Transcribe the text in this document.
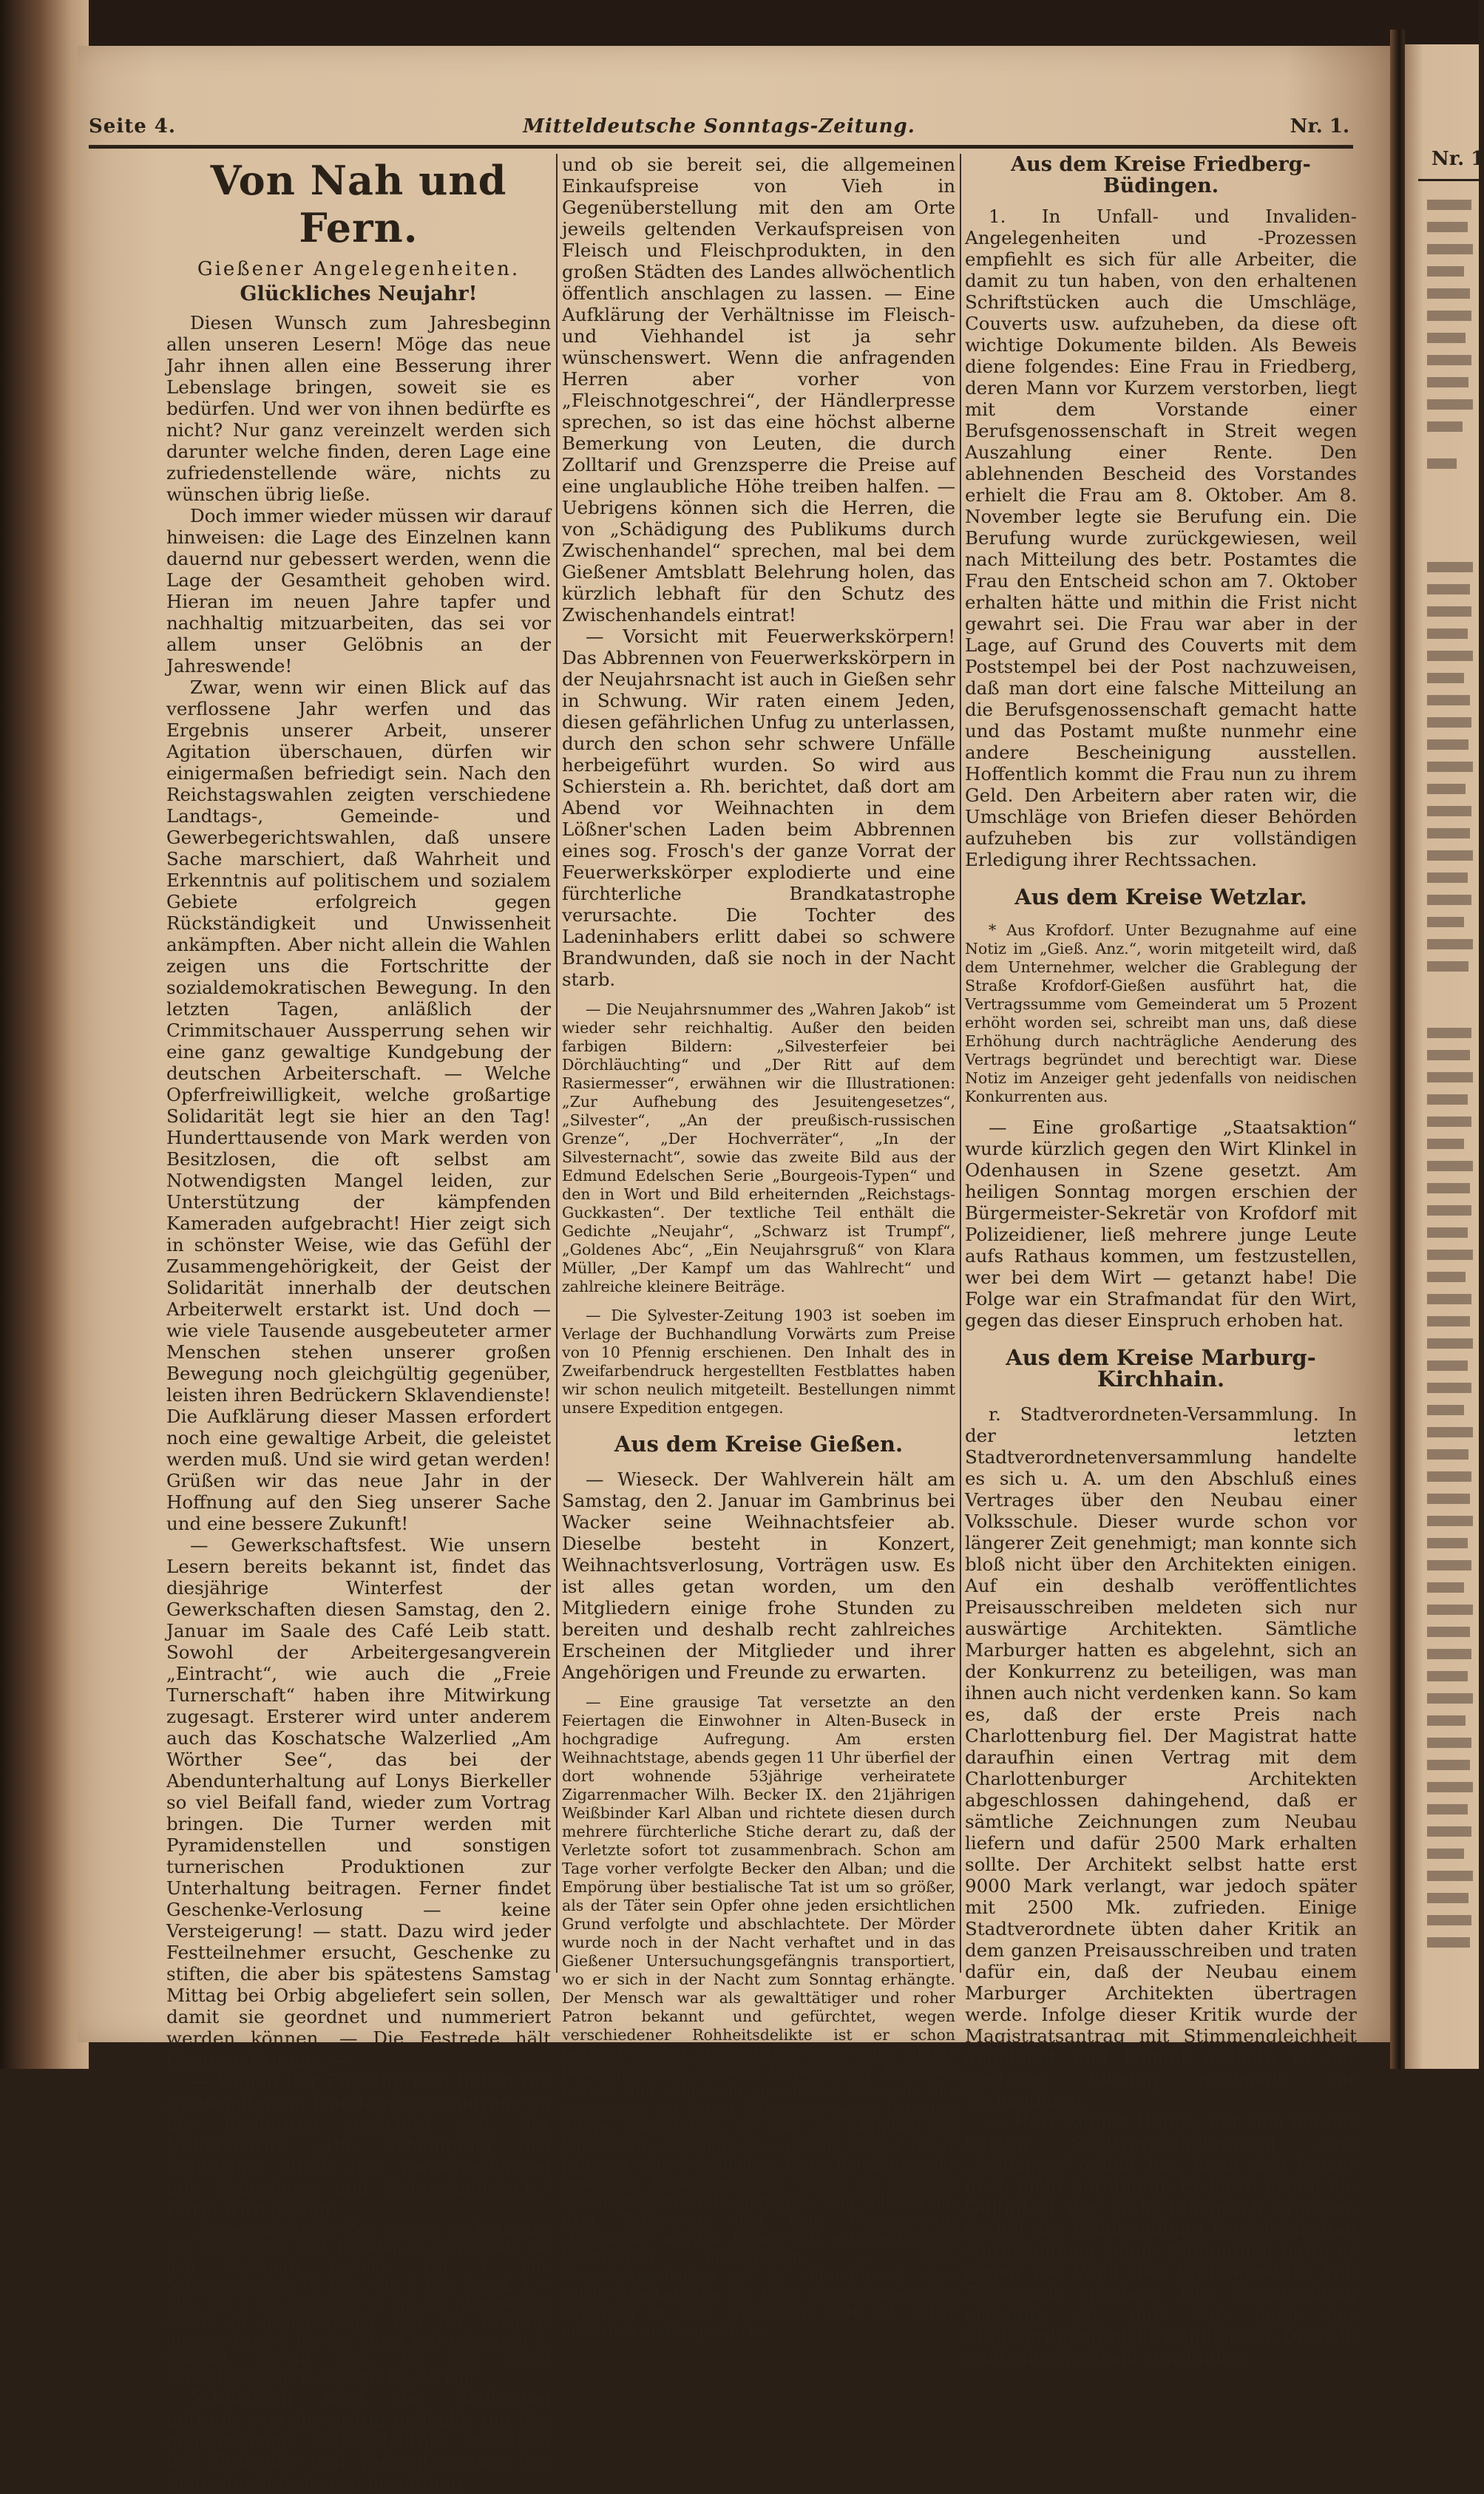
Nr. 1
Seite 4.	Mitteldeutsche Sonntags-Zeitung.	Nr. 1.
Von Nah und Fern.
Gießener Angelegenheiten.
Glückliches Neujahr!

Diesen Wunsch zum Jahresbeginn allen unseren Lesern! Möge das neue Jahr ihnen allen eine Besserung ihrer Lebenslage bringen, soweit sie es bedürfen. Und wer von ihnen bedürfte es nicht? Nur ganz vereinzelt werden sich darunter welche finden, deren Lage eine zufriedenstellende wäre, nichts zu wünschen übrig ließe.

Doch immer wieder müssen wir darauf hinweisen: die Lage des Einzelnen kann dauernd nur gebessert werden, wenn die Lage der Gesamtheit gehoben wird. Hieran im neuen Jahre tapfer und nachhaltig mitzuarbeiten, das sei vor allem unser Gelöbnis an der Jahreswende!

Zwar, wenn wir einen Blick auf das verflossene Jahr werfen und das Ergebnis unserer Arbeit, unserer Agitation überschauen, dürfen wir einigermaßen befriedigt sein. Nach den Reichstagswahlen zeigten verschiedene Landtags-, Gemeinde- und Gewerbegerichtswahlen, daß unsere Sache marschiert, daß Wahrheit und Erkenntnis auf politischem und sozialem Gebiete erfolgreich gegen Rückständigkeit und Unwissenheit ankämpften. Aber nicht allein die Wahlen zeigen uns die Fortschritte der sozialdemokratischen Bewegung. In den letzten Tagen, anläßlich der Crimmitschauer Aussperrung sehen wir eine ganz gewaltige Kundgebung der deutschen Arbeiterschaft. — Welche Opferfreiwilligkeit, welche großartige Solidarität legt sie hier an den Tag! Hunderttausende von Mark werden von Besitzlosen, die oft selbst am Notwendigsten Mangel leiden, zur Unterstützung der kämpfenden Kameraden aufgebracht! Hier zeigt sich in schönster Weise, wie das Gefühl der Zusammengehörigkeit, der Geist der Solidarität innerhalb der deutschen Arbeiterwelt erstarkt ist. Und doch — wie viele Tausende ausgebeuteter armer Menschen stehen unserer großen Bewegung noch gleichgültig gegenüber, leisten ihren Bedrückern Sklavendienste! Die Aufklärung dieser Massen erfordert noch eine gewaltige Arbeit, die geleistet werden muß. Und sie wird getan werden! Grüßen wir das neue Jahr in der Hoffnung auf den Sieg unserer Sache und eine bessere Zukunft!

— Gewerkschaftsfest. Wie unsern Lesern bereits bekannt ist, findet das diesjährige Winterfest der Gewerkschaften diesen Samstag, den 2. Januar im Saale des Café Leib statt. Sowohl der Arbeitergesangverein „Eintracht“, wie auch die „Freie Turnerschaft“ haben ihre Mitwirkung zugesagt. Ersterer wird unter anderem auch das Koschatsche Walzerlied „Am Wörther See“, das bei der Abendunterhaltung auf Lonys Bierkeller so viel Beifall fand, wieder zum Vortrag bringen. Die Turner werden mit Pyramidenstellen und sonstigen turnerischen Produktionen zur Unterhaltung beitragen. Ferner findet Geschenke-Verlosung — keine Versteigerung! — statt. Dazu wird jeder Festteilnehmer ersucht, Geschenke zu stiften, die aber bis spätestens Samstag Mittag bei Orbig abgeliefert sein sollen, damit sie geordnet und nummeriert werden können. — Die Festrede hält Genosse Krumm. —

— Wegen der Fleischpreise haben die Antisemiten im Landtage eine Anfrage an die Regierung gerichtet mit der Ueberschrift: „Die Schädigung des Publikums durch den Zwischenhandel mit Schweinen und Schweinefleisch.“ Darin wird gesagt:

„Zu gegenwärtiger Zeit werden nach Angabe von Gastwirten und Privaten in Darmstadt bei den Metzgern bezahlt: Für 1 Pfd. Schweinefleisch 76 Pfg., für 1 Pfd. Speck 1.— Mk., für 1 Pfd. Schmalz 70 Pfg. Im Allgemeinen erhält zu gegenwärtiger Zeit der Landwirt unseres Landes für das Pfund Lebendgewicht 1. Qualität 38—40 Pfg., für das Pfund Schlachtgewicht 1. Qualität 45—50 Pfg.“

Schließlich wird die Regierung gefragt, was sie zu tun gedenkt, um das gegenwärtige Mißverhältnis zwischen den Einkaufs- und Verkaufspreisen des Schweinefleisches zu beseitigen

und ob sie bereit sei, die allgemeinen Einkaufspreise von Vieh in Gegenüberstellung mit den am Orte jeweils geltenden Verkaufspreisen von Fleisch und Fleischprodukten, in den großen Städten des Landes allwöchentlich öffentlich anschlagen zu lassen. — Eine Aufklärung der Verhältnisse im Fleisch- und Viehhandel ist ja sehr wünschenswert. Wenn die anfragenden Herren aber vorher von „Fleischnotgeschrei“, der Händlerpresse sprechen, so ist das eine höchst alberne Bemerkung von Leuten, die durch Zolltarif und Grenzsperre die Preise auf eine unglaubliche Höhe treiben halfen. — Uebrigens können sich die Herren, die von „Schädigung des Publikums durch Zwischenhandel“ sprechen, mal bei dem Gießener Amtsblatt Belehrung holen, das kürzlich lebhaft für den Schutz des Zwischenhandels eintrat!

— Vorsicht mit Feuerwerkskörpern! Das Abbrennen von Feuerwerkskörpern in der Neujahrsnacht ist auch in Gießen sehr in Schwung. Wir raten einem Jeden, diesen gefährlichen Unfug zu unterlassen, durch den schon sehr schwere Unfälle herbeigeführt wurden. So wird aus Schierstein a. Rh. berichtet, daß dort am Abend vor Weihnachten in dem Lößner'schen Laden beim Abbrennen eines sog. Frosch's der ganze Vorrat der Feuerwerkskörper explodierte und eine fürchterliche Brandkatastrophe verursachte. Die Tochter des Ladeninhabers erlitt dabei so schwere Brandwunden, daß sie noch in der Nacht starb.

— Die Neujahrsnummer des „Wahren Jakob“ ist wieder sehr reichhaltig. Außer den beiden farbigen Bildern: „Silvesterfeier bei Dörchläuchting“ und „Der Ritt auf dem Rasiermesser“, erwähnen wir die Illustrationen: „Zur Aufhebung des Jesuitengesetzes“, „Silvester“, „An der preußisch-russischen Grenze“, „Der Hochverräter“, „In der Silvesternacht“, sowie das zweite Bild aus der Edmund Edelschen Serie „Bourgeois-Typen“ und den in Wort und Bild erheiternden „Reichstags-Guckkasten“. Der textliche Teil enthält die Gedichte „Neujahr“, „Schwarz ist Trumpf“, „Goldenes Abc“, „Ein Neujahrsgruß“ von Klara Müller, „Der Kampf um das Wahlrecht“ und zahlreiche kleinere Beiträge.

— Die Sylvester-Zeitung 1903 ist soeben im Verlage der Buchhandlung Vorwärts zum Preise von 10 Pfennig erschienen. Den Inhalt des in Zweifarbendruck hergestellten Festblattes haben wir schon neulich mitgeteilt. Bestellungen nimmt unsere Expedition entgegen.

Aus dem Kreise Gießen.

— Wieseck. Der Wahlverein hält am Samstag, den 2. Januar im Gambrinus bei Wacker seine Weihnachtsfeier ab. Dieselbe besteht in Konzert, Weihnachtsverlosung, Vorträgen usw. Es ist alles getan worden, um den Mitgliedern einige frohe Stunden zu bereiten und deshalb recht zahlreiches Erscheinen der Mitglieder und ihrer Angehörigen und Freunde zu erwarten.

— Eine grausige Tat versetzte an den Feiertagen die Einwohner in Alten-Buseck in hochgradige Aufregung. Am ersten Weihnachtstage, abends gegen 11 Uhr überfiel der dort wohnende 53jährige verheiratete Zigarrenmacher Wilh. Becker IX. den 21jährigen Weißbinder Karl Alban und richtete diesen durch mehrere fürchterliche Stiche derart zu, daß der Verletzte sofort tot zusammenbrach. Schon am Tage vorher verfolgte Becker den Alban; und die Empörung über bestialische Tat ist um so größer, als der Täter sein Opfer ohne jeden ersichtlichen Grund verfolgte und abschlachtete. Der Mörder wurde noch in der Nacht verhaftet und in das Gießener Untersuchungsgefängnis transportiert, wo er sich in der Nacht zum Sonntag erhängte. Der Mensch war als gewalttätiger und roher Patron bekannt und gefürchtet, wegen verschiedener Rohheitsdelikte ist er schon bestraft worden, einmal hat er sogar seine Mutter lebensgefährlich verletzt. Dagegen war Alban ein braver und allgemein geachteter Mensch, der zusammen mit seiner Schwester seine betagten Eltern unterstützte. Er war als Mitglied des Volksvereins Parteigenosse und als solcher tat er jederzeit seine Schuldigkeit. Unter Beteiligung der gesamten Einwohnerschaft wurde er Sonntag Nachmittag zu Grabe getragen; vom Volksverein, dem Turnverein und dem Gesangverein „Germania“ wurden Kränze mit entsprechenden Widmungen niedergelegt. — Seit Menschengedenken ist in Alten-Buseck eine solche abscheuliche Tat nicht vorgekommen; die Erregung in dem friedlichen Orte ist daher erklärlich und begreiflich.

Aus dem Kreise Friedberg-Büdingen.

1. In Unfall- und Invaliden-Angelegenheiten und -Prozessen empfiehlt es sich für alle Arbeiter, die damit zu tun haben, von den erhaltenen Schriftstücken auch die Umschläge, Couverts usw. aufzuheben, da diese oft wichtige Dokumente bilden. Als Beweis diene folgendes: Eine Frau in Friedberg, deren Mann vor Kurzem verstorben, liegt mit dem Vorstande einer Berufsgenossenschaft in Streit wegen Auszahlung einer Rente. Den ablehnenden Bescheid des Vorstandes erhielt die Frau am 8. Oktober. Am 8. November legte sie Berufung ein. Die Berufung wurde zurückgewiesen, weil nach Mitteilung des betr. Postamtes die Frau den Entscheid schon am 7. Oktober erhalten hätte und mithin die Frist nicht gewahrt sei. Die Frau war aber in der Lage, auf Grund des Couverts mit dem Poststempel bei der Post nachzuweisen, daß man dort eine falsche Mitteilung an die Berufsgenossenschaft gemacht hatte und das Postamt mußte nunmehr eine andere Bescheinigung ausstellen. Hoffentlich kommt die Frau nun zu ihrem Geld. Den Arbeitern aber raten wir, die Umschläge von Briefen dieser Behörden aufzuheben bis zur vollständigen Erledigung ihrer Rechtssachen.

Aus dem Kreise Wetzlar.

* Aus Krofdorf. Unter Bezugnahme auf eine Notiz im „Gieß. Anz.“, worin mitgeteilt wird, daß dem Unternehmer, welcher die Grablegung der Straße Krofdorf-Gießen ausführt hat, die Vertragssumme vom Gemeinderat um 5 Prozent erhöht worden sei, schreibt man uns, daß diese Erhöhung durch nachträgliche Aenderung des Vertrags begründet und berechtigt war. Diese Notiz im Anzeiger geht jedenfalls von neidischen Konkurrenten aus.

— Eine großartige „Staatsaktion“ wurde kürzlich gegen den Wirt Klinkel in Odenhausen in Szene gesetzt. Am heiligen Sonntag morgen erschien der Bürgermeister-Sekretär von Krofdorf mit Polizeidiener, ließ mehrere junge Leute aufs Rathaus kommen, um festzustellen, wer bei dem Wirt — getanzt habe! Die Folge war ein Strafmandat für den Wirt, gegen das dieser Einspruch erhoben hat.

Aus dem Kreise Marburg-Kirchhain.

r. Stadtverordneten-Versammlung. In der letzten Stadtverordnetenversammlung handelte es sich u. A. um den Abschluß eines Vertrages über den Neubau einer Volksschule. Dieser wurde schon vor längerer Zeit genehmigt; man konnte sich bloß nicht über den Architekten einigen. Auf ein deshalb veröffentlichtes Preisausschreiben meldeten sich nur auswärtige Architekten. Sämtliche Marburger hatten es abgelehnt, sich an der Konkurrenz zu beteiligen, was man ihnen auch nicht verdenken kann. So kam es, daß der erste Preis nach Charlottenburg fiel. Der Magistrat hatte daraufhin einen Vertrag mit dem Charlottenburger Architekten abgeschlossen dahingehend, daß er sämtliche Zeichnungen zum Neubau liefern und dafür 2500 Mark erhalten sollte. Der Architekt selbst hatte erst 9000 Mark verlangt, war jedoch später mit 2500 Mk. zufrieden. Einige Stadtverordnete übten daher Kritik an dem ganzen Preisausschreiben und traten dafür ein, daß der Neubau einem Marburger Architekten übertragen werde. Infolge dieser Kritik wurde der Magistratsantrag mit Stimmengleichheit abgelehnt und kommt deshalb in der nächsten Sitzung nochmals zur Verhandlung.

— Herr August Heppe, der sich bei der letzten Stadtverordnetenwahl eine „Schlappe“ geholt hat, kann sich immer noch nicht beruhigen. Er hatte gegen die Gültigkeit der Wahl Einspruch erhoben, da bei der Wahlhandlung Unrichtigkeiten vorgekommen seien. Namentlich hatte er gegen die Wahl des Kreissekretärs Voß Einspruch erhoben. Die Versammlung erkannte an, daß Voß nach der Städteordnung nicht wählbar sei. Deshalb muß eine Neuwahl stattfinden.
